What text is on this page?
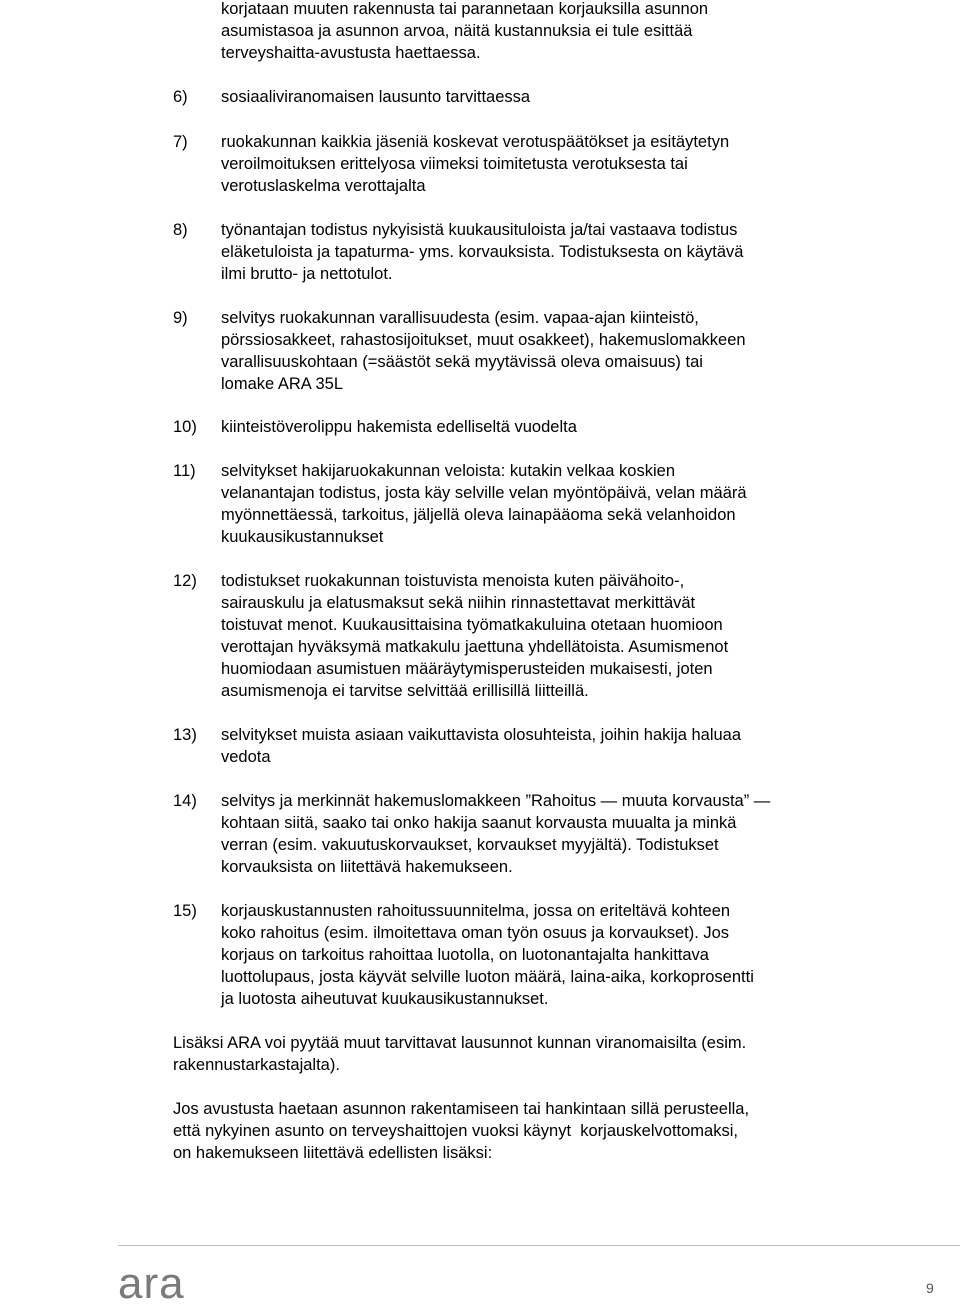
korjataan muuten rakennusta tai parannetaan korjauksilla asunnon
asumistasoa ja asunnon arvoa, näitä kustannuksia ei tule esittää
terveyshaitta-avustusta haettaessa.
6) sosiaaliviranomaisen lausunto tarvittaessa
7) ruokakunnan kaikkia jäseniä koskevat verotuspäätökset ja esitäytetyn
veroilmoituksen erittelyosa viimeksi toimitetusta verotuksesta tai
verotuslaskelma verottajalta
8) työnantajan todistus nykyisistä kuukausituloista ja/tai vastaava todistus
eläketuloista ja tapaturma- yms. korvauksista. Todistuksesta on käytävä
ilmi brutto- ja nettotulot.
9) selvitys ruokakunnan varallisuudesta (esim. vapaa-ajan kiinteistö,
pörssiosakkeet, rahastosijoitukset, muut osakkeet), hakemuslomakkeen
varallisuuskohtaan (=säästöt sekä myytävissä oleva omaisuus) tai
lomake ARA 35L
10) kiinteistöverolippu hakemista edelliseltä vuodelta
11) selvitykset hakijaruokakunnan veloista: kutakin velkaa koskien
velanantajan todistus, josta käy selville velan myöntöpäivä, velan määrä
myönnettäessä, tarkoitus, jäljellä oleva lainapääoma sekä velanhoidon
kuukausikustannukset
12) todistukset ruokakunnan toistuvista menoista kuten päivähoito-,
sairauskulu ja elatusmaksut sekä niihin rinnastettavat merkittävät
toistuvat menot. Kuukausittaisina työmatkakuluina otetaan huomioon
verottajan hyväksymä matkakulu jaettuna yhdellätoista. Asumismenot
huomiodaan asumistuen määräytymisperusteiden mukaisesti, joten
asumismenoja ei tarvitse selvittää erillisillä liitteillä.
13) selvitykset muista asiaan vaikuttavista olosuhteista, joihin hakija haluaa
vedota
14) selvitys ja merkinnät hakemuslomakkeen ”Rahoitus — muuta korvausta” —
kohtaan siitä, saako tai onko hakija saanut korvausta muualta ja minkä
verran (esim. vakuutuskorvaukset, korvaukset myyjältä). Todistukset
korvauksista on liitettävä hakemukseen.
15) korjauskustannusten rahoitussuunnitelma, jossa on eriteltävä kohteen
koko rahoitus (esim. ilmoitettava oman työn osuus ja korvaukset). Jos
korjaus on tarkoitus rahoittaa luotolla, on luotonantajalta hankittava
luottolupaus, josta käyvät selville luoton määrä, laina-aika, korkoprosentti
ja luotosta aiheutuvat kuukausikustannukset.
Lisäksi ARA voi pyytää muut tarvittavat lausunnot kunnan viranomaisilta (esim.
rakennustarkastajalta).
Jos avustusta haetaan asunnon rakentamiseen tai hankintaan sillä perusteella,
että nykyinen asunto on terveyshaittojen vuoksi käynyt  korjauskelvottomaksi,
on hakemukseen liitettävä edellisten lisäksi:
ara	9
